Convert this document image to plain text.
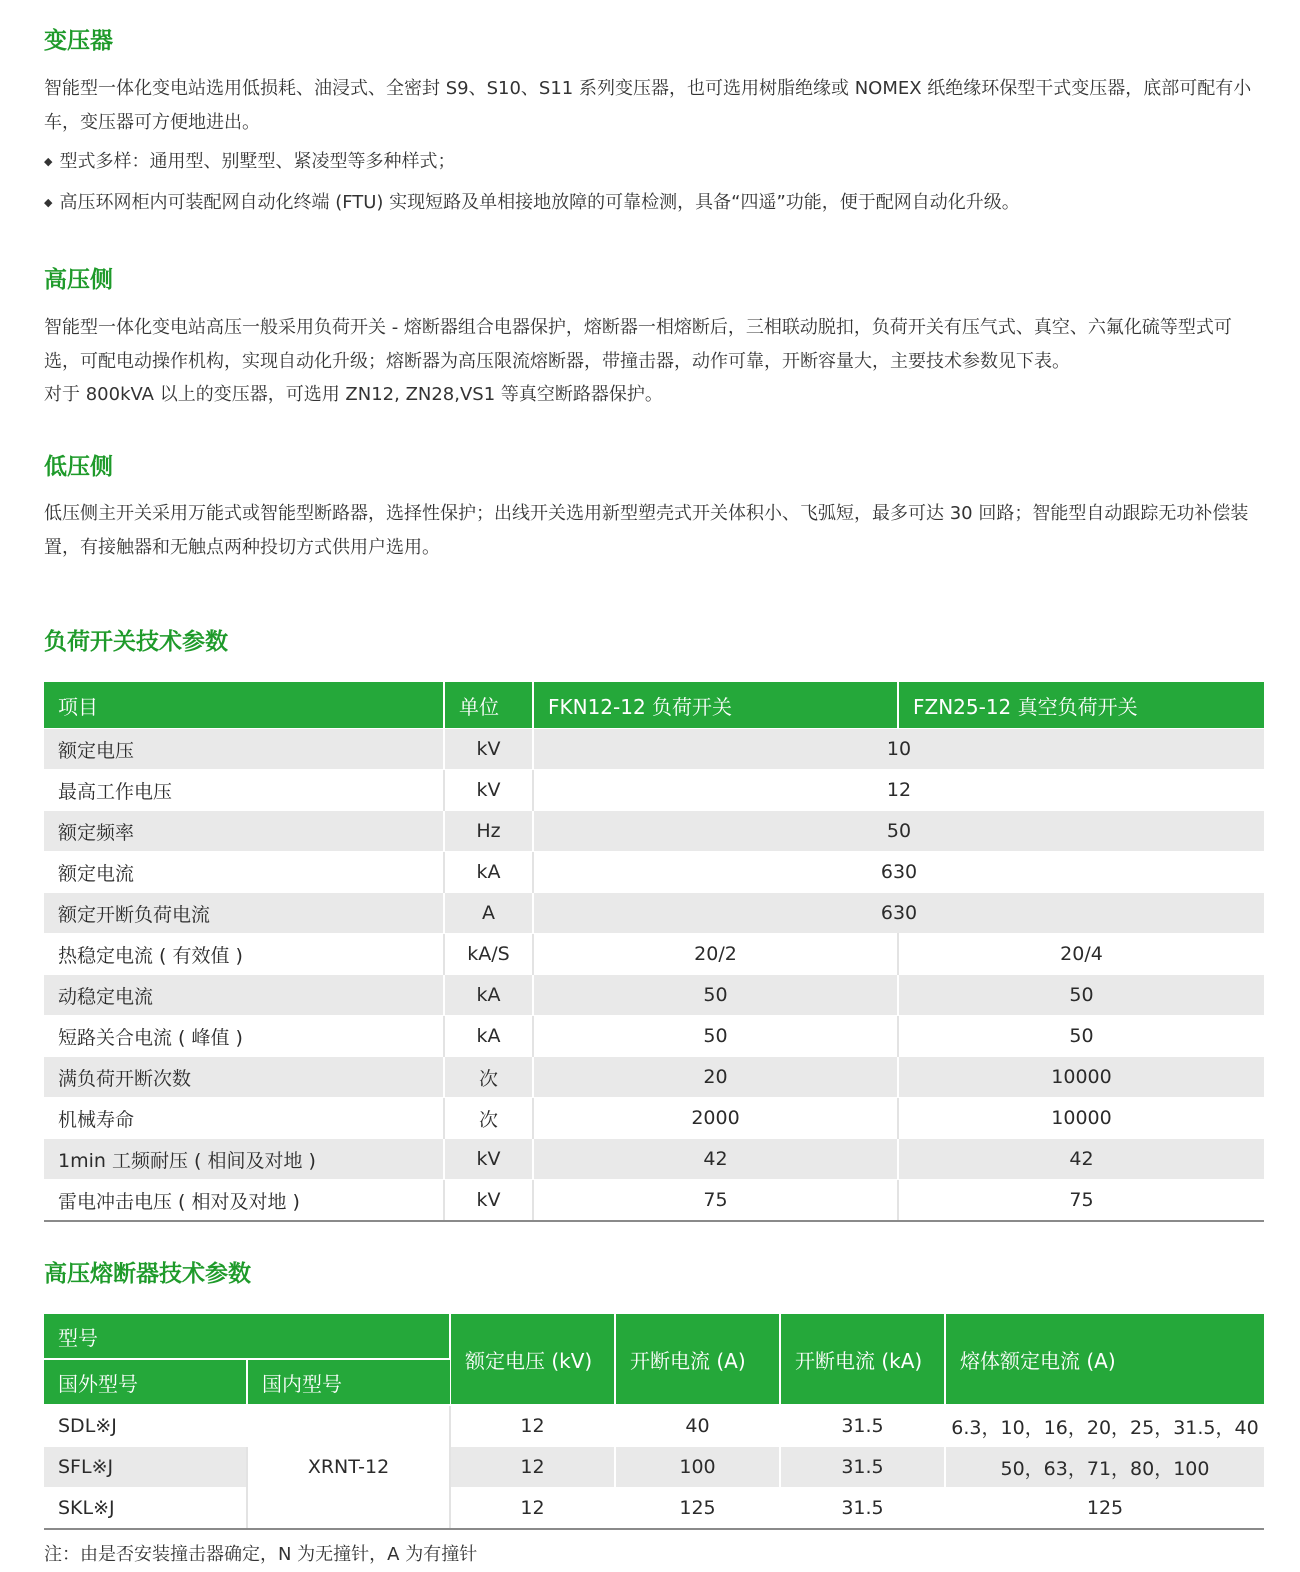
变压器

智能型一体化变电站选用低损耗、油浸式、全密封 S9、S10、S11 系列变压器，也可选用树脂绝缘或 NOMEX 纸绝缘环保型干式变压器，底部可配有小车，变压器可方便地进出。

◆ 型式多样：通用型、别墅型、紧凌型等多种样式；

◆ 高压环网柜内可装配网自动化终端 (FTU) 实现短路及单相接地放障的可靠检测，具备“四遥”功能，便于配网自动化升级。

高压侧

智能型一体化变电站高压一般采用负荷开关 - 熔断器组合电器保护，熔断器一相熔断后，三相联动脱扣，负荷开关有压气式、真空、六氟化硫等型式可选，可配电动操作机构，实现自动化升级；熔断器为高压限流熔断器，带撞击器，动作可靠，开断容量大，主要技术参数见下表。

对于 800kVA 以上的变压器，可选用 ZN12, ZN28,VS1 等真空断路器保护。

低压侧

低压侧主开关采用万能式或智能型断路器，选择性保护；出线开关选用新型塑壳式开关体积小、飞弧短，最多可达 30 回路；智能型自动跟踪无功补偿装置，有接触器和无触点两种投切方式供用户选用。

负荷开关技术参数
项目	单位	FKN12-12 负荷开关	FZN25-12 真空负荷开关
额定电压	kV	10	
最高工作电压	kV	12	
额定频率	Hz	50	
额定电流	kA	630	
额定开断负荷电流	A	630	
热稳定电流 ( 有效值 )	kA/S	20/2	20/4
动稳定电流	kA	50	50
短路关合电流 ( 峰值 )	kA	50	50
满负荷开断次数	次	20	10000
机械寿命	次	2000	10000
1min 工频耐压 ( 相间及对地 )	kV	42	42
雷电冲击电压 ( 相对及对地 )	kV	75	75
高压熔断器技术参数
型号		额定电压 (kV)	开断电流 (A)	开断电流 (kA)	熔体额定电流 (A)
国外型号	国内型号				
SDL※J	XRNT-12	12	40	31.5	6.3，10，16，20，25，31.5，40
SFL※J		12	100	31.5	50，63，71，80，100
SKL※J		12	125	31.5	125

注：由是否安装撞击器确定，N 为无撞针，A 为有撞针
